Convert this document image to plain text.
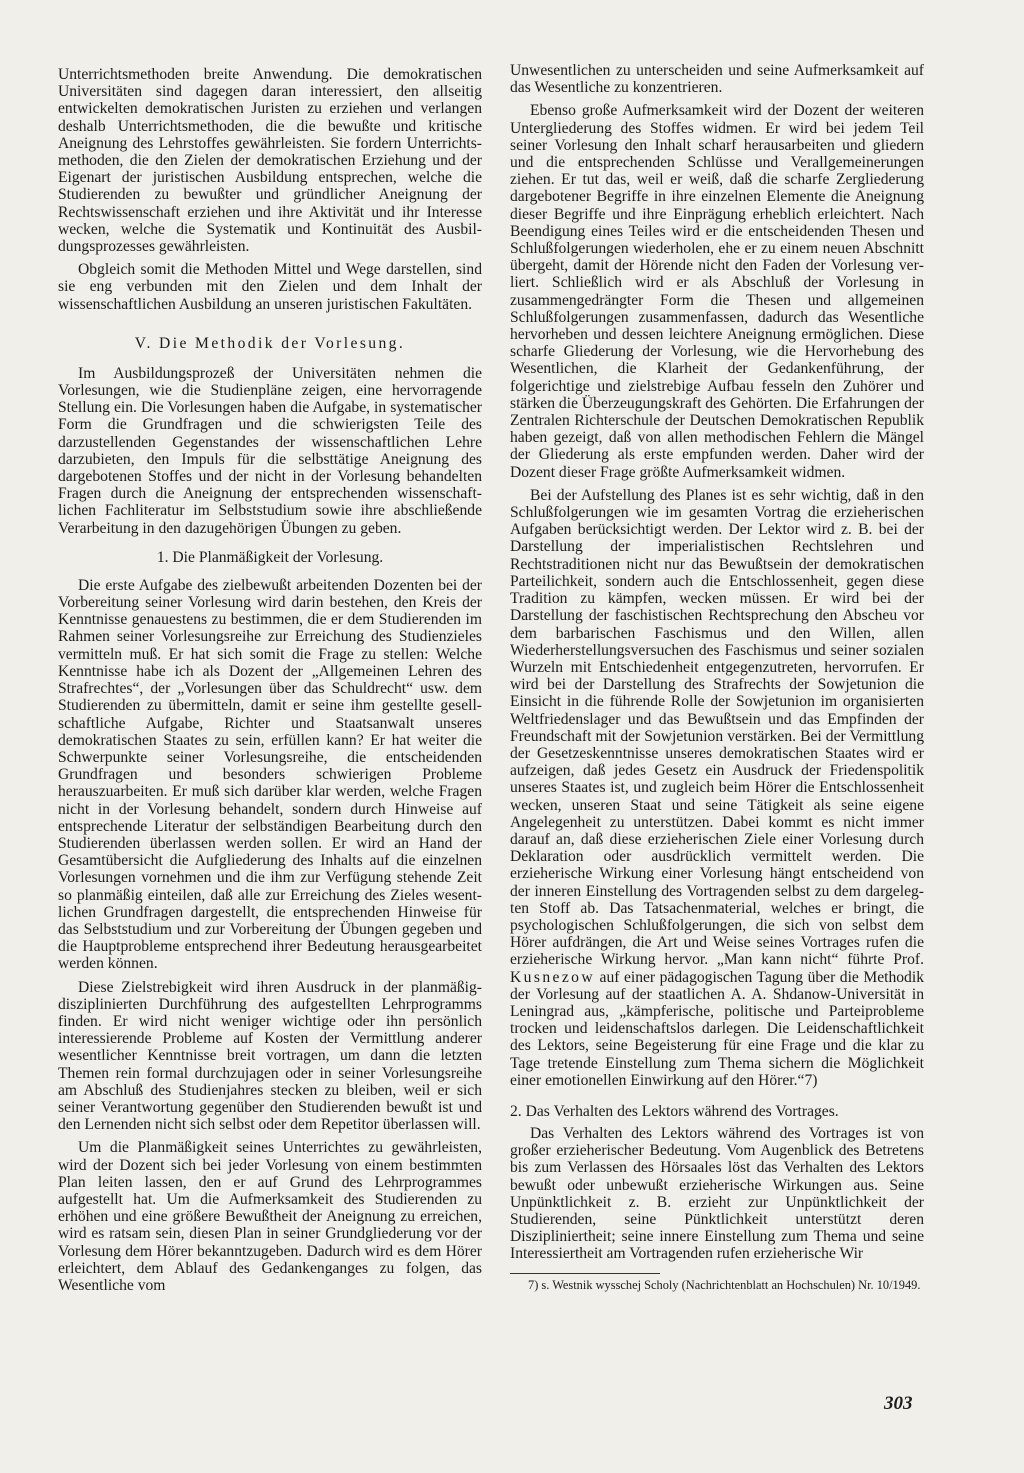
Unterrichtsmethoden breite Anwendung. Die demokratischen Universitäten sind dagegen daran interessiert, den allseitig entwickelten demokratischen Juristen zu erziehen und verlangen deshalb Unterrichtsmethoden, die die bewußte und kritische Aneignung des Lehrstoffes gewährleisten. Sie fordern Unterrichtsmethoden, die den Zielen der demokratischen Erziehung und der Eigenart der juristischen Ausbildung entsprechen, welche die Studierenden zu bewußter und gründlicher Aneignung der Rechtswissenschaft erziehen und ihre Aktivität und ihr Interesse wecken, welche die Systematik und Kontinuität des Ausbildungsprozesses gewährleisten.

Obgleich somit die Methoden Mittel und Wege darstellen, sind sie eng verbunden mit den Zielen und dem Inhalt der wissenschaftlichen Ausbildung an unseren juristischen Fakultäten.

V. Die Methodik der Vorlesung.

Im Ausbildungsprozeß der Universitäten nehmen die Vorlesungen, wie die Studienpläne zeigen, eine hervorragende Stellung ein. Die Vorlesungen haben die Aufgabe, in systematischer Form die Grundfragen und die schwierigsten Teile des darzustellenden Gegenstandes der wissenschaftlichen Lehre darzubieten, den Impuls für die selbsttätige Aneignung des dargebotenen Stoffes und der nicht in der Vorlesung behandelten Fragen durch die Aneignung der entsprechenden wissenschaftlichen Fachliteratur im Selbststudium sowie ihre abschließende Verarbeitung in den dazugehörigen Übungen zu geben.

1. Die Planmäßigkeit der Vorlesung.

Die erste Aufgabe des zielbewußt arbeitenden Dozenten bei der Vorbereitung seiner Vorlesung wird darin bestehen, den Kreis der Kenntnisse genauestens zu bestimmen, die er dem Studierenden im Rahmen seiner Vorlesungsreihe zur Erreichung des Studienzieles vermitteln muß. Er hat sich somit die Frage zu stellen: Welche Kenntnisse habe ich als Dozent der „Allgemeinen Lehren des Strafrechtes“, der „Vorlesungen über das Schuldrecht“ usw. dem Studierenden zu übermitteln, damit er seine ihm gestellte gesellschaftliche Aufgabe, Richter und Staatsanwalt unseres demokratischen Staates zu sein, erfüllen kann? Er hat weiter die Schwerpunkte seiner Vorlesungsreihe, die entscheidenden Grundfragen und besonders schwierigen Probleme herauszuarbeiten. Er muß sich darüber klar werden, welche Fragen nicht in der Vorlesung behandelt, sondern durch Hinweise auf entsprechende Literatur der selbständigen Bearbeitung durch den Studierenden überlassen werden sollen. Er wird an Hand der Gesamtübersicht die Aufgliederung des Inhalts auf die einzelnen Vorlesungen vornehmen und die ihm zur Verfügung stehende Zeit so planmäßig einteilen, daß alle zur Erreichung des Zieles wesentlichen Grundfragen dargestellt, die entsprechenden Hinweise für das Selbststudium und zur Vorbereitung der Übungen gegeben und die Hauptprobleme entsprechend ihrer Bedeutung herausgearbeitet werden können.

Diese Zielstrebigkeit wird ihren Ausdruck in der planmäßig-disziplinierten Durchführung des aufgestellten Lehrprogramms finden. Er wird nicht weniger wichtige oder ihn persönlich interessierende Probleme auf Kosten der Vermittlung anderer wesentlicher Kenntnisse breit vortragen, um dann die letzten Themen rein formal durchzujagen oder in seiner Vorlesungsreihe am Abschluß des Studienjahres stecken zu bleiben, weil er sich seiner Verantwortung gegenüber den Studierenden bewußt ist und den Lernenden nicht sich selbst oder dem Repetitor überlassen will.

Um die Planmäßigkeit seines Unterrichtes zu gewährleisten, wird der Dozent sich bei jeder Vorlesung von einem bestimmten Plan leiten lassen, den er auf Grund des Lehrprogrammes aufgestellt hat. Um die Aufmerksamkeit des Studierenden zu erhöhen und eine größere Bewußtheit der Aneignung zu erreichen, wird es ratsam sein, diesen Plan in seiner Grundgliederung vor der Vorlesung dem Hörer bekanntzugeben. Dadurch wird es dem Hörer erleichtert, dem Ablauf des Gedankenganges zu folgen, das Wesentliche vom

Unwesentlichen zu unterscheiden und seine Aufmerksamkeit auf das Wesentliche zu konzentrieren.

Ebenso große Aufmerksamkeit wird der Dozent der weiteren Untergliederung des Stoffes widmen. Er wird bei jedem Teil seiner Vorlesung den Inhalt scharf herausarbeiten und gliedern und die entsprechenden Schlüsse und Verallgemeinerungen ziehen. Er tut das, weil er weiß, daß die scharfe Zergliederung dargebotener Begriffe in ihre einzelnen Elemente die Aneignung dieser Begriffe und ihre Einprägung erheblich erleichtert. Nach Beendigung eines Teiles wird er die entscheidenden Thesen und Schlußfolgerungen wiederholen, ehe er zu einem neuen Abschnitt übergeht, damit der Hörende nicht den Faden der Vorlesung verliert. Schließlich wird er als Abschluß der Vorlesung in zusammengedrängter Form die Thesen und allgemeinen Schlußfolgerungen zusammenfassen, dadurch das Wesentliche hervorheben und dessen leichtere Aneignung ermöglichen. Diese scharfe Gliederung der Vorlesung, wie die Hervorhebung des Wesentlichen, die Klarheit der Gedankenführung, der folgerichtige und zielstrebige Aufbau fesseln den Zuhörer und stärken die Überzeugungskraft des Gehörten. Die Erfahrungen der Zentralen Richterschule der Deutschen Demokratischen Republik haben gezeigt, daß von allen methodischen Fehlern die Mängel der Gliederung als erste empfunden werden. Daher wird der Dozent dieser Frage größte Aufmerksamkeit widmen.

Bei der Aufstellung des Planes ist es sehr wichtig, daß in den Schlußfolgerungen wie im gesamten Vortrag die erzieherischen Aufgaben berücksichtigt werden. Der Lektor wird z. B. bei der Darstellung der imperialistischen Rechtslehren und Rechtstraditionen nicht nur das Bewußtsein der demokratischen Parteilichkeit, sondern auch die Entschlossenheit, gegen diese Tradition zu kämpfen, wecken müssen. Er wird bei der Darstellung der faschistischen Rechtsprechung den Abscheu vor dem barbarischen Faschismus und den Willen, allen Wiederherstellungsversuchen des Faschismus und seiner sozialen Wurzeln mit Entschiedenheit entgegenzutreten, hervorrufen. Er wird bei der Darstellung des Strafrechts der Sowjetunion die Einsicht in die führende Rolle der Sowjetunion im organisierten Weltfriedenslager und das Bewußtsein und das Empfinden der Freundschaft mit der Sowjetunion verstärken. Bei der Vermittlung der Gesetzeskenntnisse unseres demokratischen Staates wird er aufzeigen, daß jedes Gesetz ein Ausdruck der Friedenspolitik unseres Staates ist, und zugleich beim Hörer die Entschlossenheit wecken, unseren Staat und seine Tätigkeit als seine eigene Angelegenheit zu unterstützen. Dabei kommt es nicht immer darauf an, daß diese erzieherischen Ziele einer Vorlesung durch Deklaration oder ausdrücklich vermittelt werden. Die erzieherische Wirkung einer Vorlesung hängt entscheidend von der inneren Einstellung des Vortragenden selbst zu dem dargelegten Stoff ab. Das Tatsachenmaterial, welches er bringt, die psychologischen Schlußfolgerungen, die sich von selbst dem Hörer aufdrängen, die Art und Weise seines Vortrages rufen die erzieherische Wirkung hervor. „Man kann nicht“ führte Prof. Kusnezow auf einer pädagogischen Tagung über die Methodik der Vorlesung auf der staatlichen A. A. Shdanow-Universität in Leningrad aus, „kämpferische, politische und Parteiprobleme trocken und leidenschaftslos darlegen. Die Leidenschaftlichkeit des Lektors, seine Begeisterung für eine Frage und die klar zu Tage tretende Einstellung zum Thema sichern die Möglichkeit einer emotionellen Einwirkung auf den Hörer.“7)

2. Das Verhalten des Lektors während des Vortrages.

Das Verhalten des Lektors während des Vortrages ist von großer erzieherischer Bedeutung. Vom Augenblick des Betretens bis zum Verlassen des Hörsaales löst das Verhalten des Lektors bewußt oder unbewußt erzieherische Wirkungen aus. Seine Unpünktlichkeit z. B. erzieht zur Unpünktlichkeit der Studierenden, seine Pünktlichkeit unterstützt deren Diszipliniertheit; seine innere Einstellung zum Thema und seine Interessiertheit am Vortragenden rufen erzieherische Wir

7) s. Westnik wysschej Scholy (Nachrichtenblatt an Hochschulen) Nr. 10/1949.

303
